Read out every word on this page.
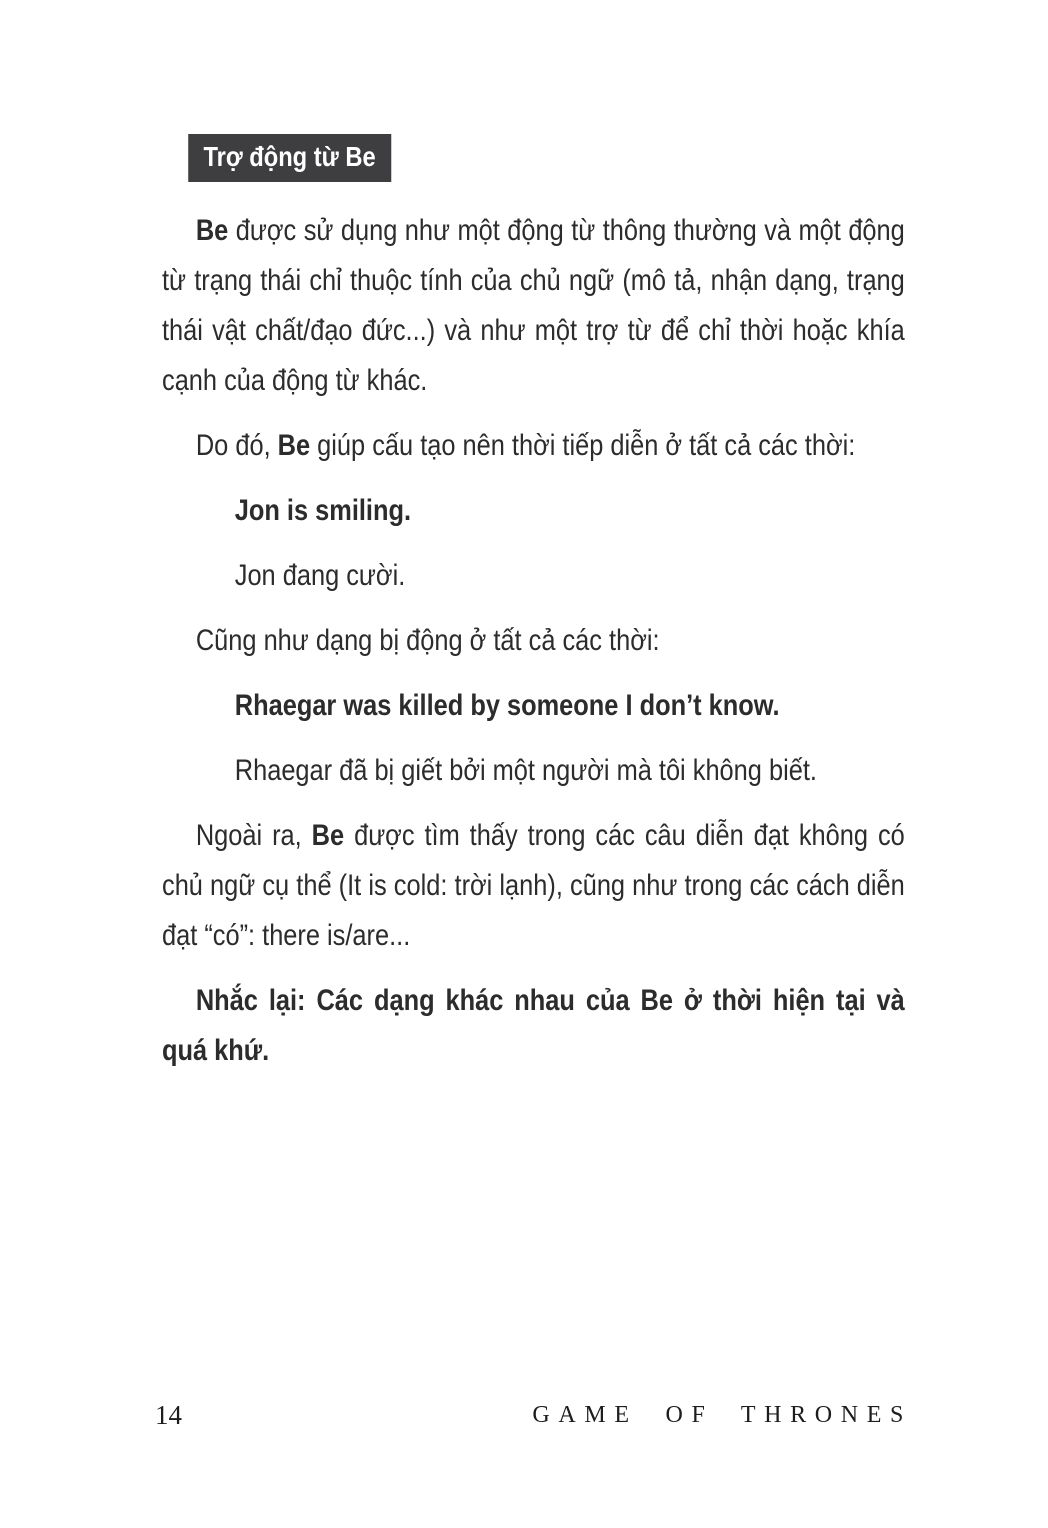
Trợ động từ Be

Be được sử dụng như một động từ thông thường và một động từ trạng thái chỉ thuộc tính của chủ ngữ (mô tả, nhận dạng, trạng thái vật chất/đạo đức...) và như một trợ từ để chỉ thời hoặc khía cạnh của động từ khác.

Do đó, Be giúp cấu tạo nên thời tiếp diễn ở tất cả các thời:

Jon is smiling.

Jon đang cười.

Cũng như dạng bị động ở tất cả các thời:

Rhaegar was killed by someone I don’t know.

Rhaegar đã bị giết bởi một người mà tôi không biết.

Ngoài ra, Be được tìm thấy trong các câu diễn đạt không có chủ ngữ cụ thể (It is cold: trời lạnh), cũng như trong các cách diễn đạt “có”: there is/are...

Nhắc lại: Các dạng khác nhau của Be ở thời hiện tại và quá khứ.

14	GAME OF THRONES
